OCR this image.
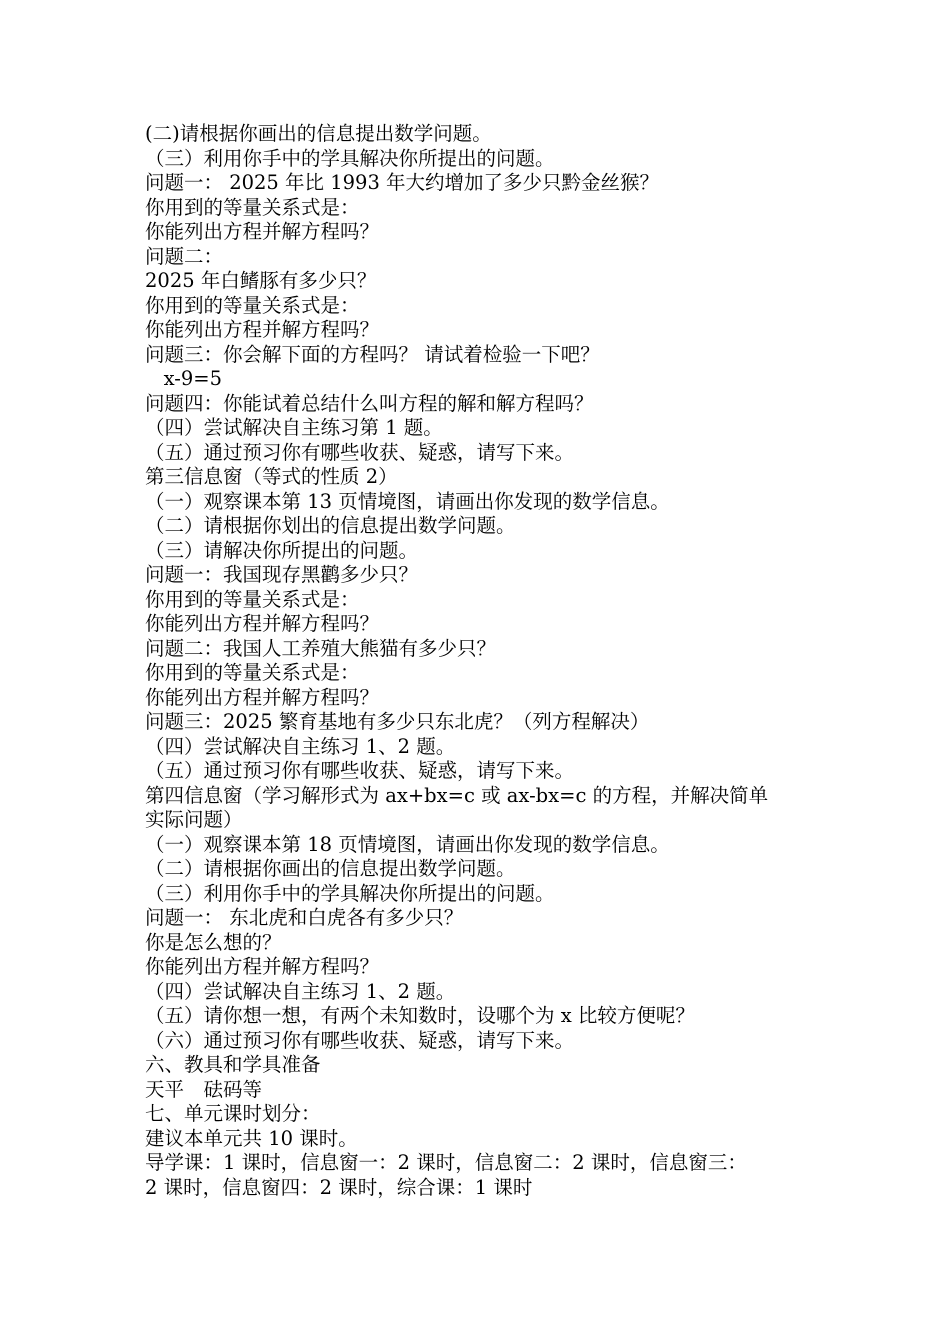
(二)请根据你画出的信息提出数学问题。

（三）利用你手中的学具解决你所提出的问题。

问题一： 2025 年比 1993 年大约增加了多少只黔金丝猴？

你用到的等量关系式是：

你能列出方程并解方程吗？

问题二：

2025 年白鳍豚有多少只？

你用到的等量关系式是：

你能列出方程并解方程吗？

问题三：你会解下面的方程吗？ 请试着检验一下吧？

x-9=5

问题四：你能试着总结什么叫方程的解和解方程吗？

（四）尝试解决自主练习第 1 题。

（五）通过预习你有哪些收获、疑惑，请写下来。

第三信息窗（等式的性质 2）

（一）观察课本第 13 页情境图，请画出你发现的数学信息。

（二）请根据你划出的信息提出数学问题。

（三）请解决你所提出的问题。

问题一：我国现存黑鹳多少只？

你用到的等量关系式是：

你能列出方程并解方程吗？

问题二：我国人工养殖大熊猫有多少只？

你用到的等量关系式是：

你能列出方程并解方程吗？

问题三：2025 繁育基地有多少只东北虎？（列方程解决）

（四）尝试解决自主练习 1、2 题。

（五）通过预习你有哪些收获、疑惑，请写下来。

第四信息窗（学习解形式为 ax+bx=c 或 ax-bx=c 的方程，并解决简单

实际问题）

（一）观察课本第 18 页情境图，请画出你发现的数学信息。

（二）请根据你画出的信息提出数学问题。

（三）利用你手中的学具解决你所提出的问题。

问题一： 东北虎和白虎各有多少只？

你是怎么想的？

你能列出方程并解方程吗？

（四）尝试解决自主练习 1、2 题。

（五）请你想一想，有两个未知数时，设哪个为 x 比较方便呢？

（六）通过预习你有哪些收获、疑惑，请写下来。

六、教具和学具准备

天平　砝码等

七、单元课时划分：

建议本单元共 10 课时。

导学课：1 课时，信息窗一：2 课时，信息窗二：2 课时，信息窗三：

2 课时，信息窗四：2 课时，综合课：1 课时
